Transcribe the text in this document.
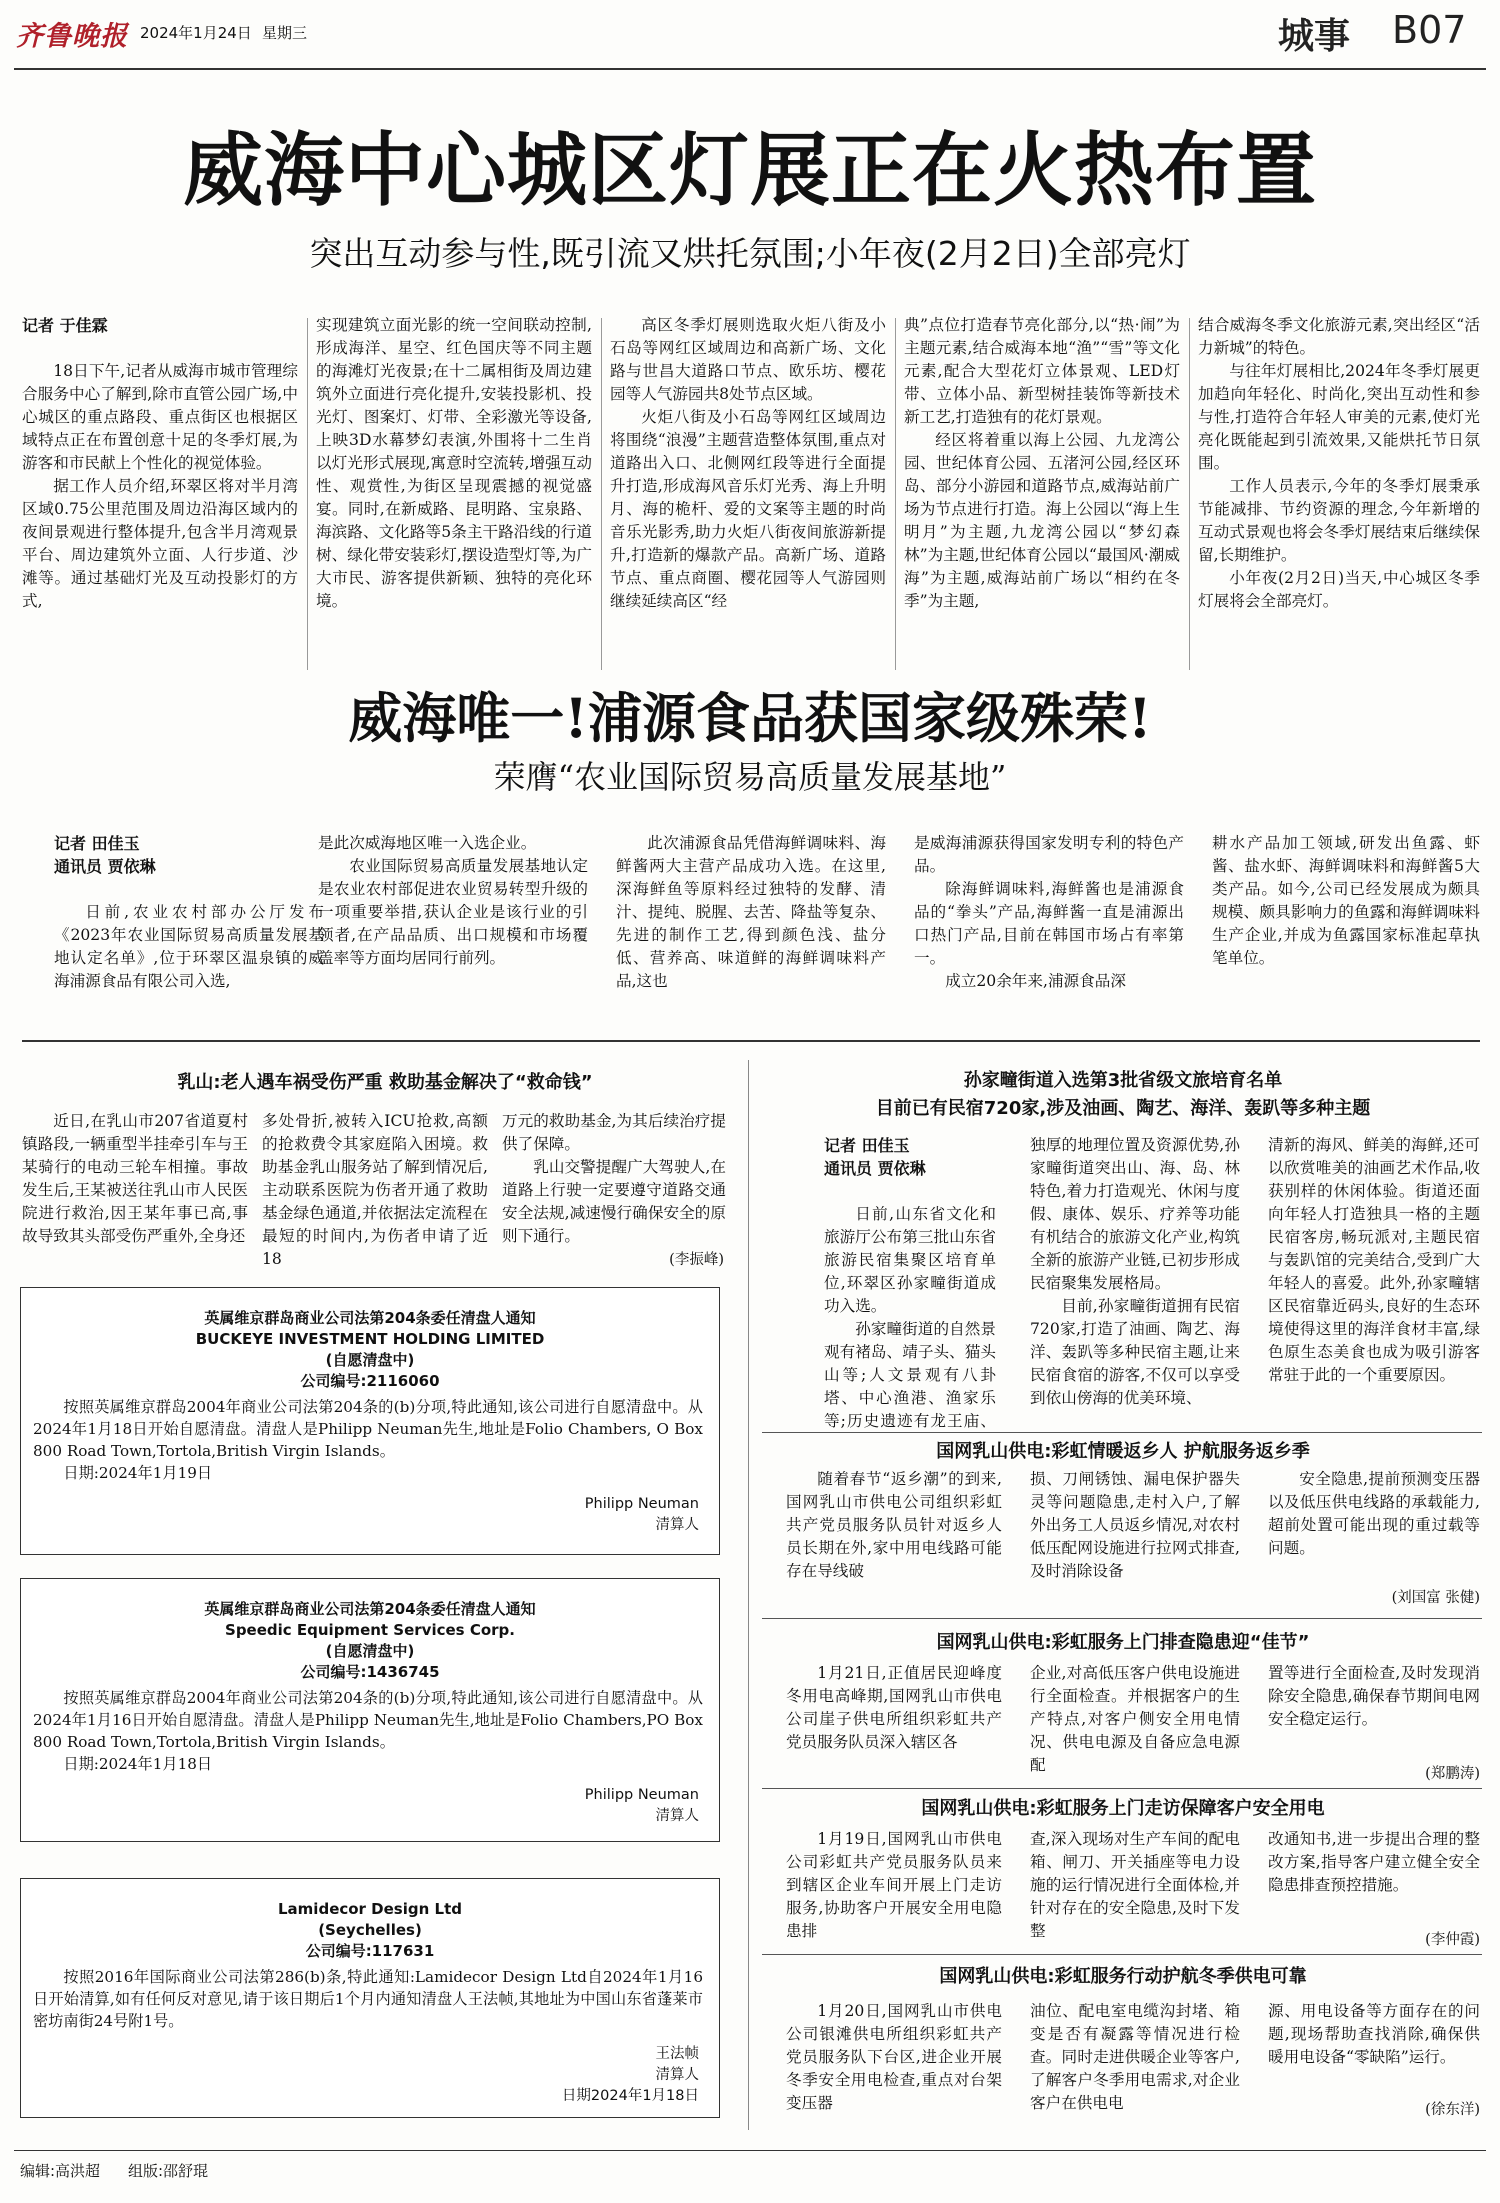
齐鲁晚报 2024年1月24日 星期三	城事 B07
威海中心城区灯展正在火热布置
突出互动参与性,既引流又烘托氛围;小年夜(2月2日)全部亮灯

记者 于佳霖

18日下午,记者从威海市城市管理综合服务中心了解到,除市直管公园广场,中心城区的重点路段、重点街区也根据区域特点正在布置创意十足的冬季灯展,为游客和市民献上个性化的视觉体验。

据工作人员介绍,环翠区将对半月湾区域0.75公里范围及周边沿海区域内的夜间景观进行整体提升,包含半月湾观景平台、周边建筑外立面、人行步道、沙滩等。通过基础灯光及互动投影灯的方式,

实现建筑立面光影的统一空间联动控制,形成海洋、星空、红色国庆等不同主题的海滩灯光夜景;在十二属相街及周边建筑外立面进行亮化提升,安装投影机、投光灯、图案灯、灯带、全彩激光等设备,上映3D水幕梦幻表演,外围将十二生肖以灯光形式展现,寓意时空流转,增强互动性、观赏性,为街区呈现震撼的视觉盛宴。同时,在新威路、昆明路、宝泉路、海滨路、文化路等5条主干路沿线的行道树、绿化带安装彩灯,摆设造型灯等,为广大市民、游客提供新颖、独特的亮化环境。

高区冬季灯展则选取火炬八街及小石岛等网红区域周边和高新广场、文化路与世昌大道路口节点、欧乐坊、樱花园等人气游园共8处节点区域。

火炬八街及小石岛等网红区域周边将围绕“浪漫”主题营造整体氛围,重点对道路出入口、北侧网红段等进行全面提升打造,形成海风音乐灯光秀、海上升明月、海的桅杆、爱的文案等主题的时尚音乐光影秀,助力火炬八街夜间旅游新提升,打造新的爆款产品。高新广场、道路节点、重点商圈、樱花园等人气游园则继续延续高区“经

典”点位打造春节亮化部分,以“热·闹”为主题元素,结合威海本地“渔”“雪”等文化元素,配合大型花灯立体景观、LED灯带、立体小品、新型树挂装饰等新技术新工艺,打造独有的花灯景观。

经区将着重以海上公园、九龙湾公园、世纪体育公园、五渚河公园,经区环岛、部分小游园和道路节点,威海站前广场为节点进行打造。海上公园以“海上生明月”为主题,九龙湾公园以“梦幻森林”为主题,世纪体育公园以“最国风·潮威海”为主题,威海站前广场以“相约在冬季”为主题,

结合威海冬季文化旅游元素,突出经区“活力新城”的特色。

与往年灯展相比,2024年冬季灯展更加趋向年轻化、时尚化,突出互动性和参与性,打造符合年轻人审美的元素,使灯光亮化既能起到引流效果,又能烘托节日氛围。

工作人员表示,今年的冬季灯展秉承节能减排、节约资源的理念,今年新增的互动式景观也将会冬季灯展结束后继续保留,长期维护。

小年夜(2月2日)当天,中心城区冬季灯展将会全部亮灯。

威海唯一!浦源食品获国家级殊荣!
荣膺“农业国际贸易高质量发展基地”

记者 田佳玉

通讯员 贾依琳

日前,农业农村部办公厅发布《2023年农业国际贸易高质量发展基地认定名单》,位于环翠区温泉镇的威海浦源食品有限公司入选,

是此次威海地区唯一入选企业。

农业国际贸易高质量发展基地认定是农业农村部促进农业贸易转型升级的一项重要举措,获认企业是该行业的引领者,在产品品质、出口规模和市场覆盖率等方面均居同行前列。

此次浦源食品凭借海鲜调味料、海鲜酱两大主营产品成功入选。在这里,深海鲜鱼等原料经过独特的发酵、清汁、提纯、脱腥、去苦、降盐等复杂、先进的制作工艺,得到颜色浅、盐分低、营养高、味道鲜的海鲜调味料产品,这也

是威海浦源获得国家发明专利的特色产品。

除海鲜调味料,海鲜酱也是浦源食品的“拳头”产品,海鲜酱一直是浦源出口热门产品,目前在韩国市场占有率第一。

成立20余年来,浦源食品深

耕水产品加工领域,研发出鱼露、虾酱、盐水虾、海鲜调味料和海鲜酱5大类产品。如今,公司已经发展成为颇具规模、颇具影响力的鱼露和海鲜调味料生产企业,并成为鱼露国家标准起草执笔单位。

乳山:老人遇车祸受伤严重 救助基金解决了“救命钱”

近日,在乳山市207省道夏村镇路段,一辆重型半挂牵引车与王某骑行的电动三轮车相撞。事故发生后,王某被送往乳山市人民医院进行救治,因王某年事已高,事故导致其头部受伤严重外,全身还

多处骨折,被转入ICU抢救,高额的抢救费令其家庭陷入困境。救助基金乳山服务站了解到情况后,主动联系医院为伤者开通了救助基金绿色通道,并依据法定流程在最短的时间内,为伤者申请了近18

万元的救助基金,为其后续治疗提供了保障。

乳山交警提醒广大驾驶人,在道路上行驶一定要遵守道路交通安全法规,减速慢行确保安全的原则下通行。

(李振峰)
英属维京群岛商业公司法第204条委任清盘人通知
BUCKEYE INVESTMENT HOLDING LIMITED
(自愿清盘中)
公司编号:2116060

按照英属维京群岛2004年商业公司法第204条的(b)分项,特此通知,该公司进行自愿清盘中。从2024年1月18日开始自愿清盘。清盘人是Philipp Neuman先生,地址是Folio Chambers, O Box 800 Road Town,Tortola,British Virgin Islands。

日期:2024年1月19日

Philipp Neuman
清算人
英属维京群岛商业公司法第204条委任清盘人通知
Speedic Equipment Services Corp.
(自愿清盘中)
公司编号:1436745

按照英属维京群岛2004年商业公司法第204条的(b)分项,特此通知,该公司进行自愿清盘中。从2024年1月16日开始自愿清盘。清盘人是Philipp Neuman先生,地址是Folio Chambers,PO Box 800 Road Town,Tortola,British Virgin Islands。

日期:2024年1月18日

Philipp Neuman
清算人
Lamidecor Design Ltd
(Seychelles)
公司编号:117631

按照2016年国际商业公司法第286(b)条,特此通知:Lamidecor Design Ltd自2024年1月16日开始清算,如有任何反对意见,请于该日期后1个月内通知清盘人王法帧,其地址为中国山东省蓬莱市密坊南街24号附1号。

王法帧
清算人
日期2024年1月18日
孙家疃街道入选第3批省级文旅培育名单
目前已有民宿720家,涉及油画、陶艺、海洋、轰趴等多种主题

记者 田佳玉

通讯员 贾依琳

日前,山东省文化和旅游厅公布第三批山东省旅游民宿集聚区培育单位,环翠区孙家疃街道成功入选。

孙家疃街道的自然景观有褚岛、靖子头、猫头山等;人文景观有八卦塔、中心渔港、渔家乐等;历史遗迹有龙王庙、

独厚的地理位置及资源优势,孙家疃街道突出山、海、岛、林特色,着力打造观光、休闲与度假、康体、娱乐、疗养等功能有机结合的旅游文化产业,构筑全新的旅游产业链,已初步形成民宿聚集发展格局。

目前,孙家疃街道拥有民宿720家,打造了油画、陶艺、海洋、轰趴等多种民宿主题,让来民宿食宿的游客,不仅可以享受到依山傍海的优美环境、

清新的海风、鲜美的海鲜,还可以欣赏唯美的油画艺术作品,收获别样的休闲体验。街道还面向年轻人打造独具一格的主题民宿客房,畅玩派对,主题民宿与轰趴馆的完美结合,受到广大年轻人的喜爱。此外,孙家疃辖区民宿靠近码头,良好的生态环境使得这里的海洋食材丰富,绿色原生态美食也成为吸引游客常驻于此的一个重要原因。

国网乳山供电:彩虹情暖返乡人 护航服务返乡季

随着春节“返乡潮”的到来,国网乳山市供电公司组织彩虹共产党员服务队员针对返乡人员长期在外,家中用电线路可能存在导线破

损、刀闸锈蚀、漏电保护器失灵等问题隐患,走村入户,了解外出务工人员返乡情况,对农村低压配网设施进行拉网式排查,及时消除设备

安全隐患,提前预测变压器以及低压供电线路的承载能力,超前处置可能出现的重过载等问题。

(刘国富 张健)
国网乳山供电:彩虹服务上门排查隐患迎“佳节”

1月21日,正值居民迎峰度冬用电高峰期,国网乳山市供电公司崖子供电所组织彩虹共产党员服务队员深入辖区各

企业,对高低压客户供电设施进行全面检查。并根据客户的生产特点,对客户侧安全用电情况、供电电源及自备应急电源配

置等进行全面检查,及时发现消除安全隐患,确保春节期间电网安全稳定运行。

(郑鹏涛)
国网乳山供电:彩虹服务上门走访保障客户安全用电

1月19日,国网乳山市供电公司彩虹共产党员服务队员来到辖区企业车间开展上门走访服务,协助客户开展安全用电隐患排

查,深入现场对生产车间的配电箱、闸刀、开关插座等电力设施的运行情况进行全面体检,并针对存在的安全隐患,及时下发整

改通知书,进一步提出合理的整改方案,指导客户建立健全安全隐患排查预控措施。

(李仲霞)
国网乳山供电:彩虹服务行动护航冬季供电可靠

1月20日,国网乳山市供电公司银滩供电所组织彩虹共产党员服务队下台区,进企业开展冬季安全用电检查,重点对台架变压器

油位、配电室电缆沟封堵、箱变是否有凝露等情况进行检查。同时走进供暖企业等客户,了解客户冬季用电需求,对企业客户在供电电

源、用电设备等方面存在的问题,现场帮助查找消除,确保供暖用电设备“零缺陷”运行。

(徐东洋)
编辑:高洪超 组版:邵舒琨
